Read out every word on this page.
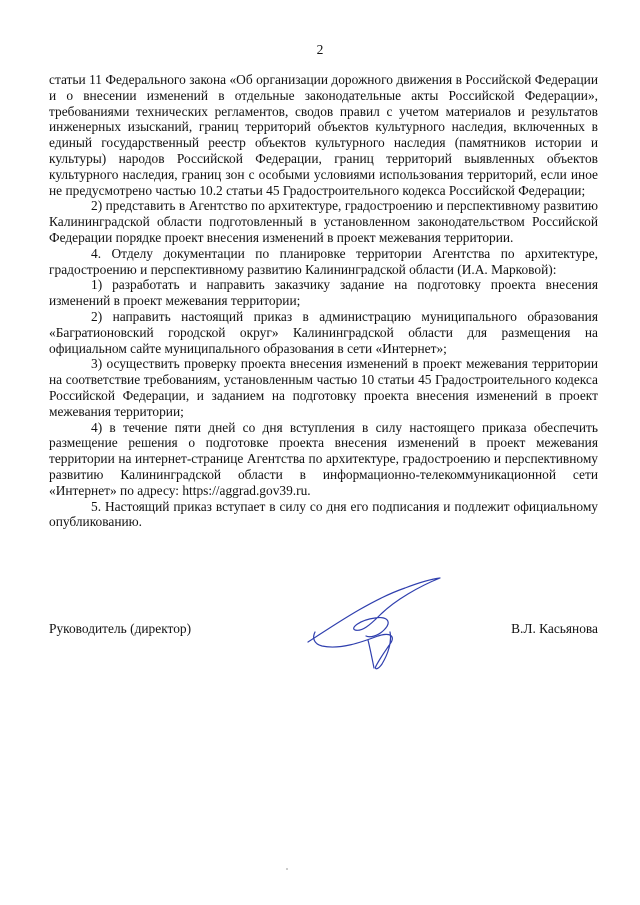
2

статьи 11 Федерального закона «Об организации дорожного движения в Российской Федерации и о внесении изменений в отдельные законодательные акты Российской Федерации», требованиями технических регламентов, сводов правил с учетом материалов и результатов инженерных изысканий, границ территорий объектов культурного наследия, включенных в единый государственный реестр объектов культурного наследия (памятников истории и культуры) народов Российской Федерации, границ территорий выявленных объектов культурного наследия, границ зон с особыми условиями использования территорий, если иное не предусмотрено частью 10.2 статьи 45 Градостроительного кодекса Российской Федерации;

2) представить в Агентство по архитектуре, градостроению и перспективному развитию Калининградской области подготовленный в установленном законодательством Российской Федерации порядке проект внесения изменений в проект межевания территории.

4. Отделу документации по планировке территории Агентства по архитектуре, градостроению и перспективному развитию Калининградской области (И.А. Марковой):

1) разработать и направить заказчику задание на подготовку проекта внесения изменений в проект межевания территории;

2) направить настоящий приказ в администрацию муниципального образования «Багратионовский городской округ» Калининградской области для размещения на официальном сайте муниципального образования в сети «Интернет»;

3) осуществить проверку проекта внесения изменений в проект межевания территории на соответствие требованиям, установленным частью 10 статьи 45 Градостроительного кодекса Российской Федерации, и заданием на подготовку проекта внесения изменений в проект межевания территории;

4) в течение пяти дней со дня вступления в силу настоящего приказа обеспечить размещение решения о подготовке проекта внесения изменений в проект межевания территории на интернет-странице Агентства по архитектуре, градостроению и перспективному развитию Калининградской области в информационно-телекоммуникационной сети «Интернет» по адресу: https://aggrad.gov39.ru.

5. Настоящий приказ вступает в силу со дня его подписания и подлежит официальному опубликованию.

Руководитель (директор)	В.Л. Касьянова
